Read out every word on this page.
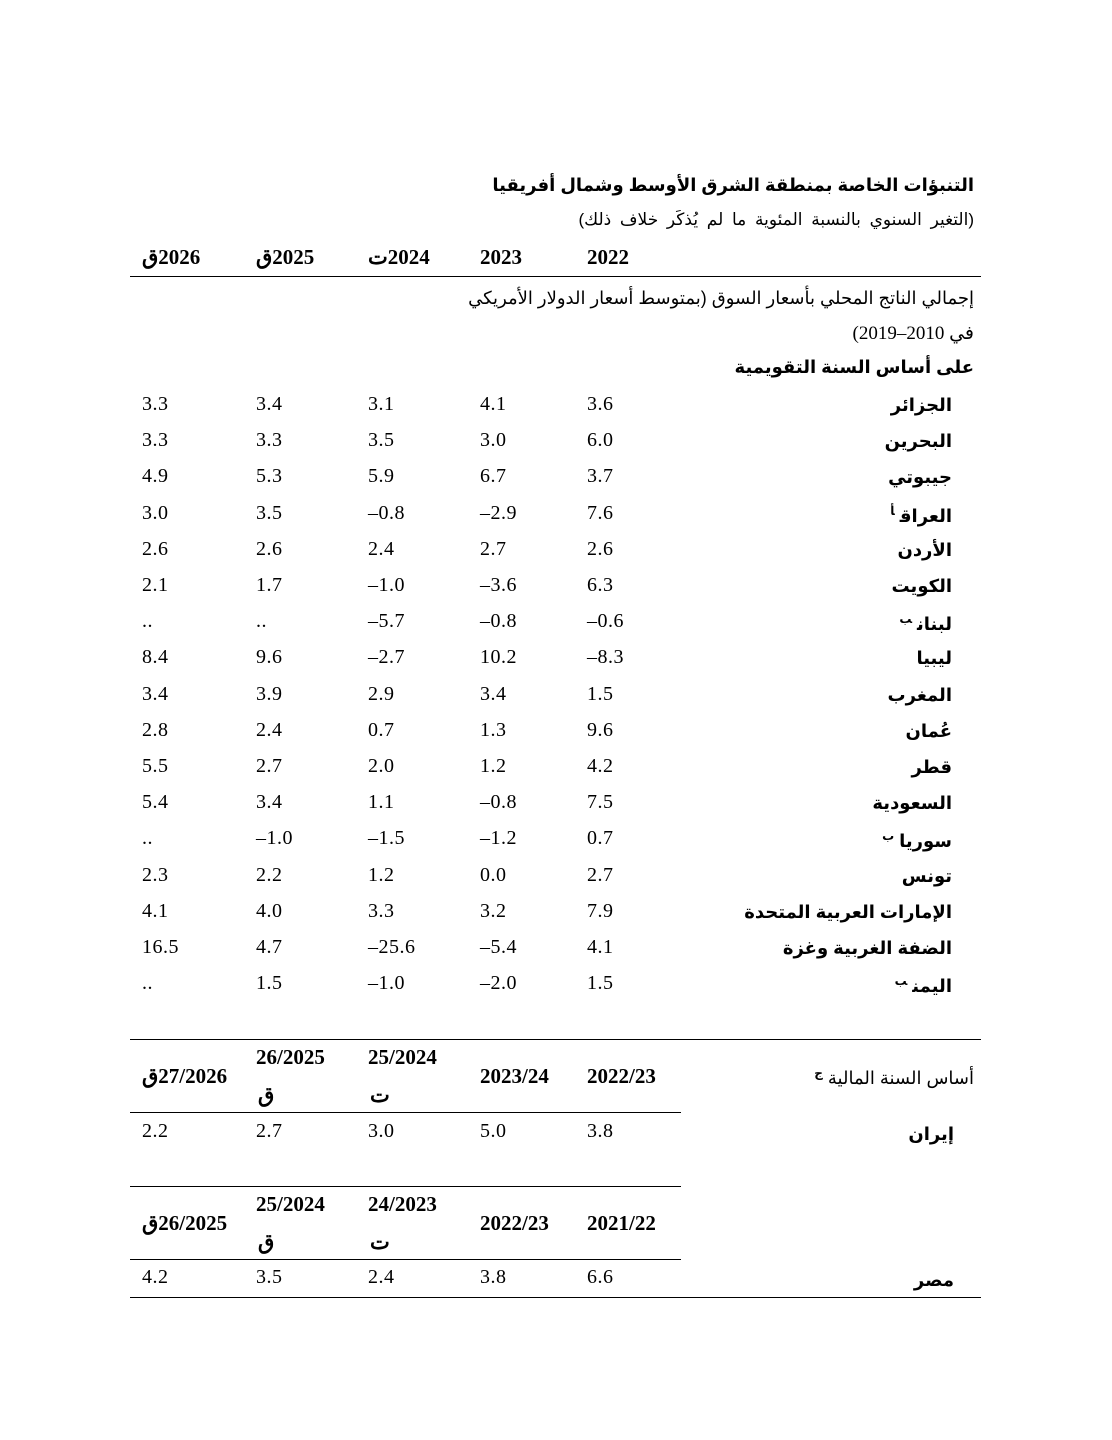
التنبؤات الخاصة بمنطقة الشرق الأوسط وشمال أفريقيا
(التغير السنوي بالنسبة المئوية ما لم يُذكَر خلاف ذلك)
2022
2023
2024ت
2025ق
2026ق
إجمالي الناتج المحلي بأسعار السوق (بمتوسط أسعار الدولار الأمريكي
في 2010–2019)
على أساس السنة التقويمية
الجزائر
3.6
4.1
3.1
3.4
3.3
البحرين
6.0
3.0
3.5
3.3
3.3
جيبوتي
3.7
6.7
5.9
5.3
4.9
العراق$^أ$
7.6
2.9–
0.8–
3.5
3.0
الأردن
2.6
2.7
2.4
2.6
2.6
الكويت
6.3
3.6–
1.0–
1.7
2.1
لبنان$^ب$
0.6–
0.8–
5.7–
..
..
ليبيا
8.3–
10.2
2.7–
9.6
8.4
المغرب
1.5
3.4
2.9
3.9
3.4
عُمان
9.6
1.3
0.7
2.4
2.8
قطر
4.2
1.2
2.0
2.7
5.5
السعودية
7.5
0.8–
1.1
3.4
5.4
سوريا$^ب$
0.7
1.2–
1.5–
1.0–
..
تونس
2.7
0.0
1.2
2.2
2.3
الإمارات العربية المتحدة
7.9
3.2
3.3
4.0
4.1
الضفة الغربية وغزة
4.1
5.4–
25.6–
4.7
16.5
اليمن$^ب$
1.5
2.0–
1.0–
1.5
..
أساس السنة المالية$^ج$
2022/23
2023/24
25/2024
ت
26/2025
ق
27/2026ق
إيران
3.8
5.0
3.0
2.7
2.2
2021/22
2022/23
24/2023
ت
25/2024
ق
26/2025ق
مصر
6.6
3.8
2.4
3.5
4.2
